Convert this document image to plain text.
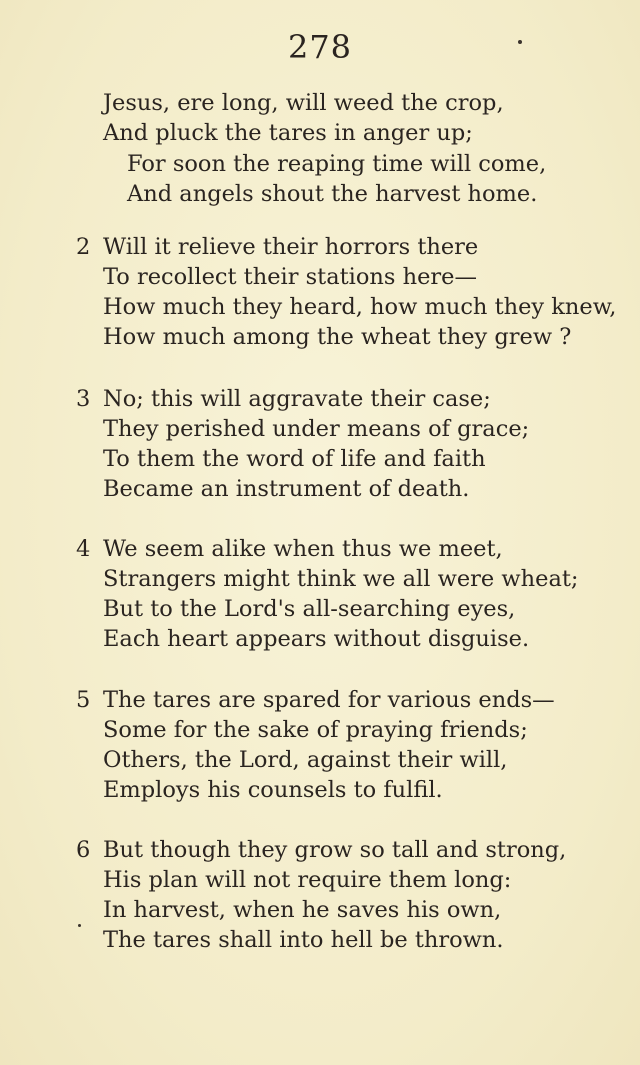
278
Jesus, ere long, will weed the crop,
And pluck the tares in anger up;
For soon the reaping time will come,
And angels shout the harvest home.
2 Will it relieve their horrors there
To recollect their stations here—
How much they heard, how much they knew,
How much among the wheat they grew ?
3 No; this will aggravate their case;
They perished under means of grace;
To them the word of life and faith
Became an instrument of death.
4 We seem alike when thus we meet,
Strangers might think we all were wheat;
But to the Lord's all-searching eyes,
Each heart appears without disguise.
5 The tares are spared for various ends—
Some for the sake of praying friends;
Others, the Lord, against their will,
Employs his counsels to fulfil.
6 But though they grow so tall and strong,
His plan will not require them long:
In harvest, when he saves his own,
The tares shall into hell be thrown.
